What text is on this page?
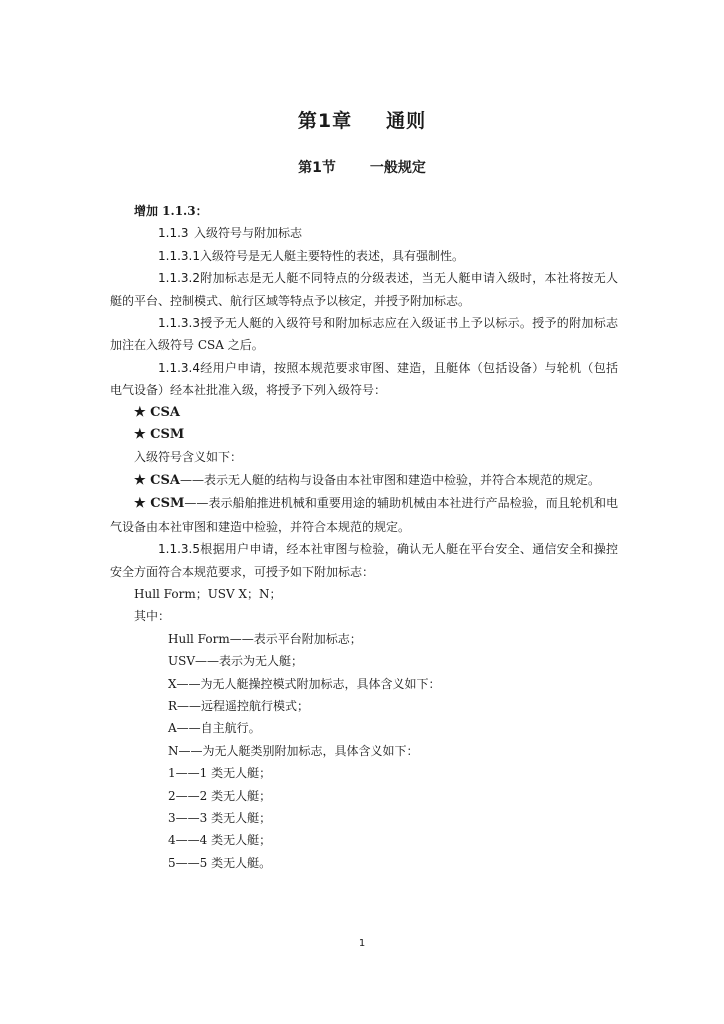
第1章 通则
第1节 一般规定

增加 1.1.3：

1.1.3 入级符号与附加标志

1.1.3.1入级符号是无人艇主要特性的表述，具有强制性。

1.1.3.2附加标志是无人艇不同特点的分级表述，当无人艇申请入级时，本社将按无人艇的平台、控制模式、航行区域等特点予以核定，并授予附加标志。

1.1.3.3授予无人艇的入级符号和附加标志应在入级证书上予以标示。授予的附加标志加注在入级符号 CSA 之后。

1.1.3.4经用户申请，按照本规范要求审图、建造，且艇体（包括设备）与轮机（包括电气设备）经本社批准入级，将授予下列入级符号：

★ CSA

★ CSM

入级符号含义如下：

★ CSA——表示无人艇的结构与设备由本社审图和建造中检验，并符合本规范的规定。

★ CSM——表示船舶推进机械和重要用途的辅助机械由本社进行产品检验，而且轮机和电气设备由本社审图和建造中检验，并符合本规范的规定。

1.1.3.5根据用户申请，经本社审图与检验，确认无人艇在平台安全、通信安全和操控安全方面符合本规范要求，可授予如下附加标志：

Hull Form；USV X；N；

其中：

Hull Form——表示平台附加标志；

USV——表示为无人艇；

X——为无人艇操控模式附加标志，具体含义如下：

R——远程遥控航行模式；

A——自主航行。

N——为无人艇类别附加标志，具体含义如下：

1——1 类无人艇；

2——2 类无人艇；

3——3 类无人艇；

4——4 类无人艇；

5——5 类无人艇。

1
